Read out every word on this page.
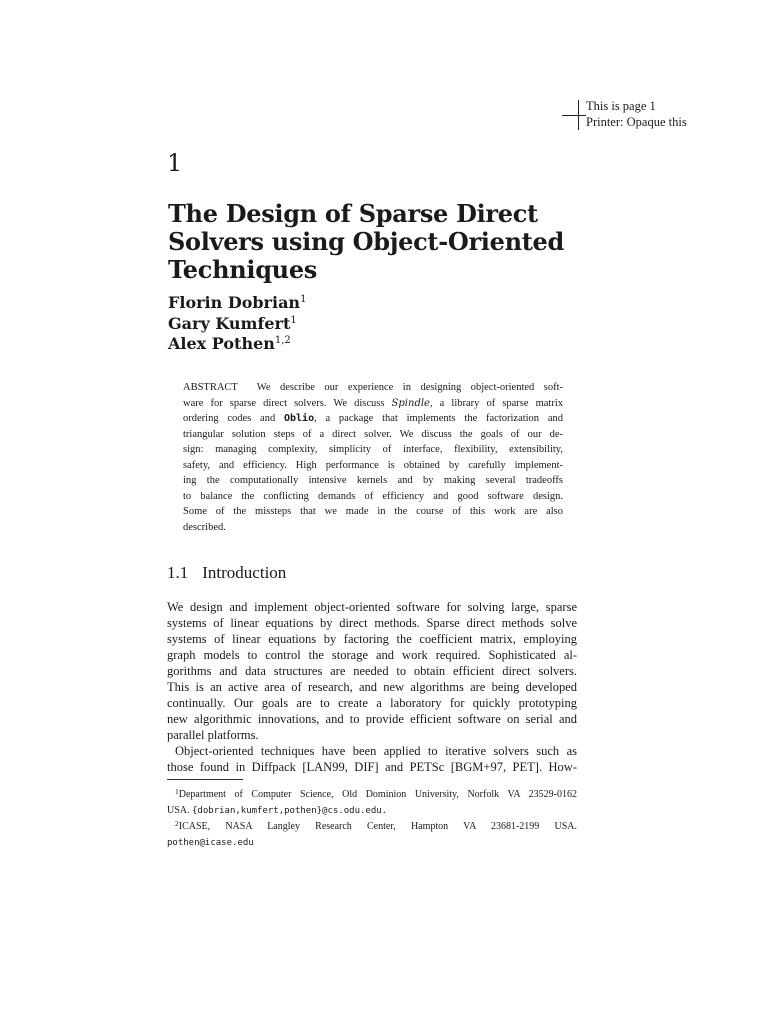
This is page 1
Printer: Opaque this
1
The Design of Sparse Direct
Solvers using Object-Oriented
Techniques
Florin Dobrian$^1$
Gary Kumfert$^1$
Alex Pothen$^{1,2}$
ABSTRACT We describe our experience in designing object-oriented soft-
ware for sparse direct solvers. We discuss Spindle, a library of sparse matrix
ordering codes and Oblio, a package that implements the factorization and
triangular solution steps of a direct solver. We discuss the goals of our de-
sign: managing complexity, simplicity of interface, flexibility, extensibility,
safety, and efficiency. High performance is obtained by carefully implement-
ing the computationally intensive kernels and by making several tradeoffs
to balance the conflicting demands of efficiency and good software design.
Some of the missteps that we made in the course of this work are also
described.
1.1 Introduction
We design and implement object-oriented software for solving large, sparse
systems of linear equations by direct methods. Sparse direct methods solve
systems of linear equations by factoring the coefficient matrix, employing
graph models to control the storage and work required. Sophisticated al-
gorithms and data structures are needed to obtain efficient direct solvers.
This is an active area of research, and new algorithms are being developed
continually. Our goals are to create a laboratory for quickly prototyping
new algorithmic innovations, and to provide efficient software on serial and
parallel platforms.
Object-oriented techniques have been applied to iterative solvers such as
those found in Diffpack [LAN99, DIF] and PETSc [BGM+97, PET]. How-
$^1$Department of Computer Science, Old Dominion University, Norfolk VA 23529-0162
USA. {dobrian,kumfert,pothen}@cs.odu.edu.
$^2$ICASE, NASA Langley Research Center, Hampton VA 23681-2199 USA.
pothen@icase.edu
